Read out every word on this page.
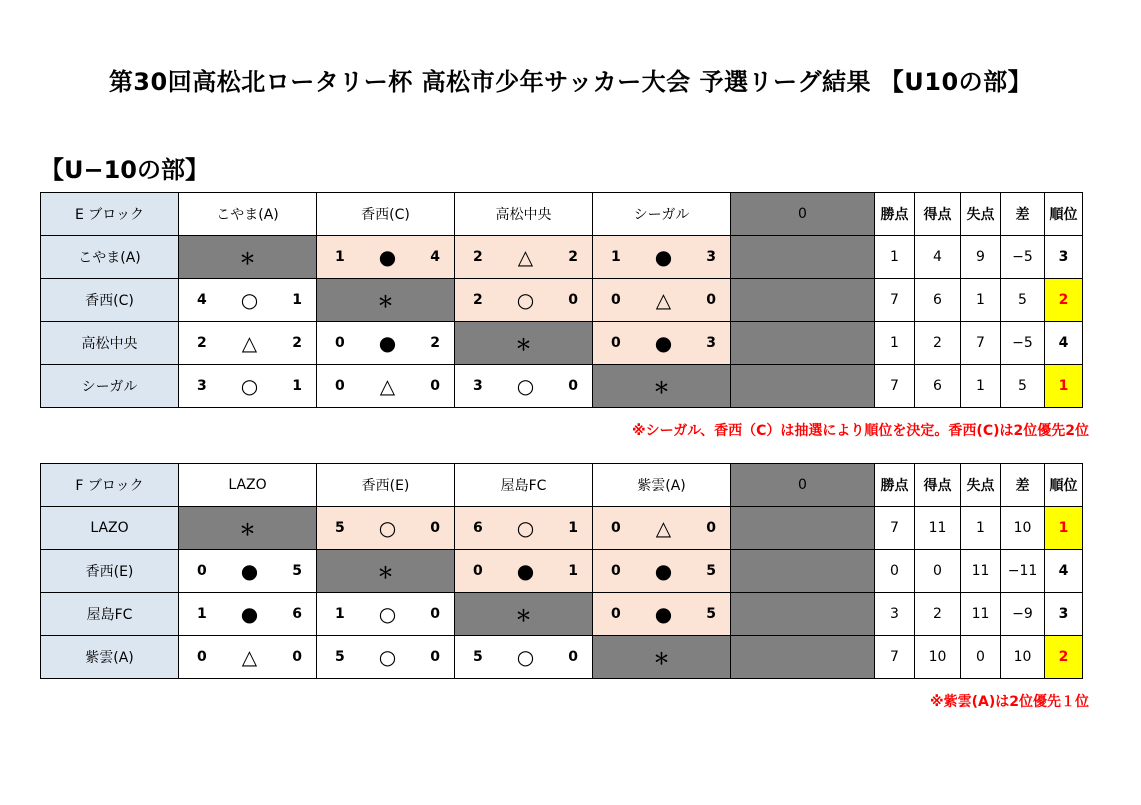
第30回高松北ロータリー杯 高松市少年サッカー大会 予選リーグ結果 【U10の部】
【U−10の部】
E ブロック	こやま(A)	香西(C)	高松中央	シーガル	0	勝点	得点	失点	差	順位
こやま(A)	＊	1 ● 4	2 △ 2	1 ● 3		1	4	9	−5	3
香西(C)	4 ○ 1	＊	2 ○ 0	0 △ 0		7	6	1	5	2
高松中央	2 △ 2	0 ● 2	＊	0 ● 3		1	2	7	−5	4
シーガル	3 ○ 1	0 △ 0	3 ○ 0	＊		7	6	1	5	1
※シーガル、香西（C）は抽選により順位を決定。香西(C)は2位優先2位
F ブロック	LAZO	香西(E)	屋島FC	紫雲(A)	0	勝点	得点	失点	差	順位
LAZO	＊	5 ○ 0	6 ○ 1	0 △ 0		7	11	1	10	1
香西(E)	0 ● 5	＊	0 ● 1	0 ● 5		0	0	11	−11	4
屋島FC	1 ● 6	1 ○ 0	＊	0 ● 5		3	2	11	−9	3
紫雲(A)	0 △ 0	5 ○ 0	5 ○ 0	＊		7	10	0	10	2
※紫雲(A)は2位優先１位
